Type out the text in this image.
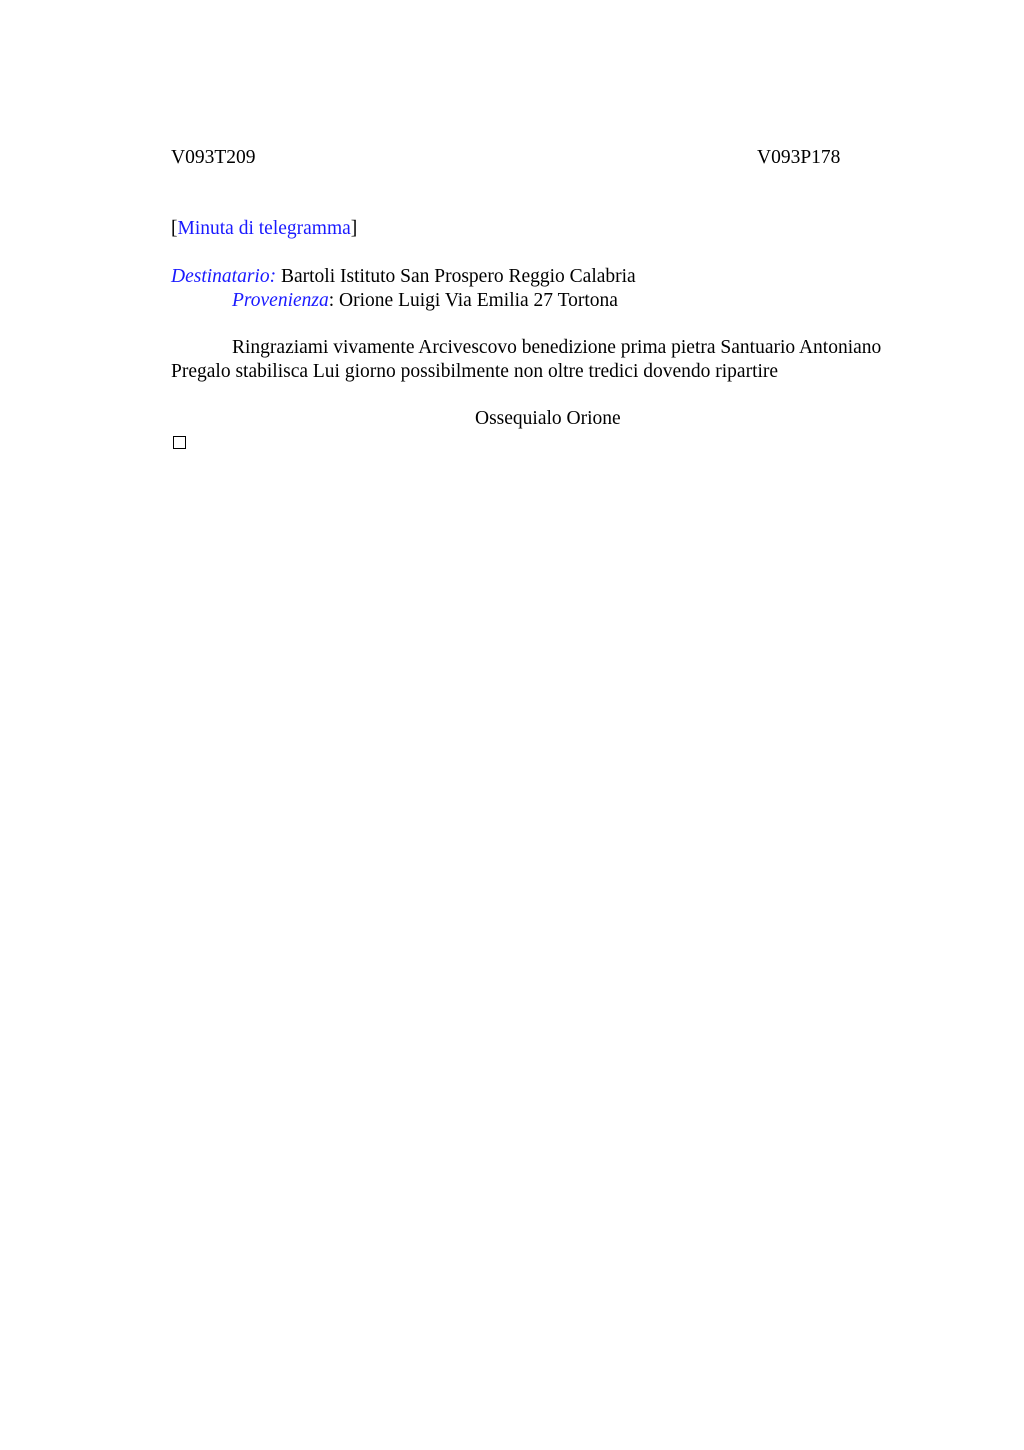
V093T209	V093P178
[Minuta di telegramma]
Destinatario: Bartoli Istituto San Prospero Reggio Calabria
Provenienza: Orione Luigi Via Emilia 27 Tortona
Ringraziami vivamente Arcivescovo benedizione prima pietra Santuario Antoniano
Pregalo stabilisca Lui giorno possibilmente non oltre tredici dovendo ripartire
Ossequialo Orione
